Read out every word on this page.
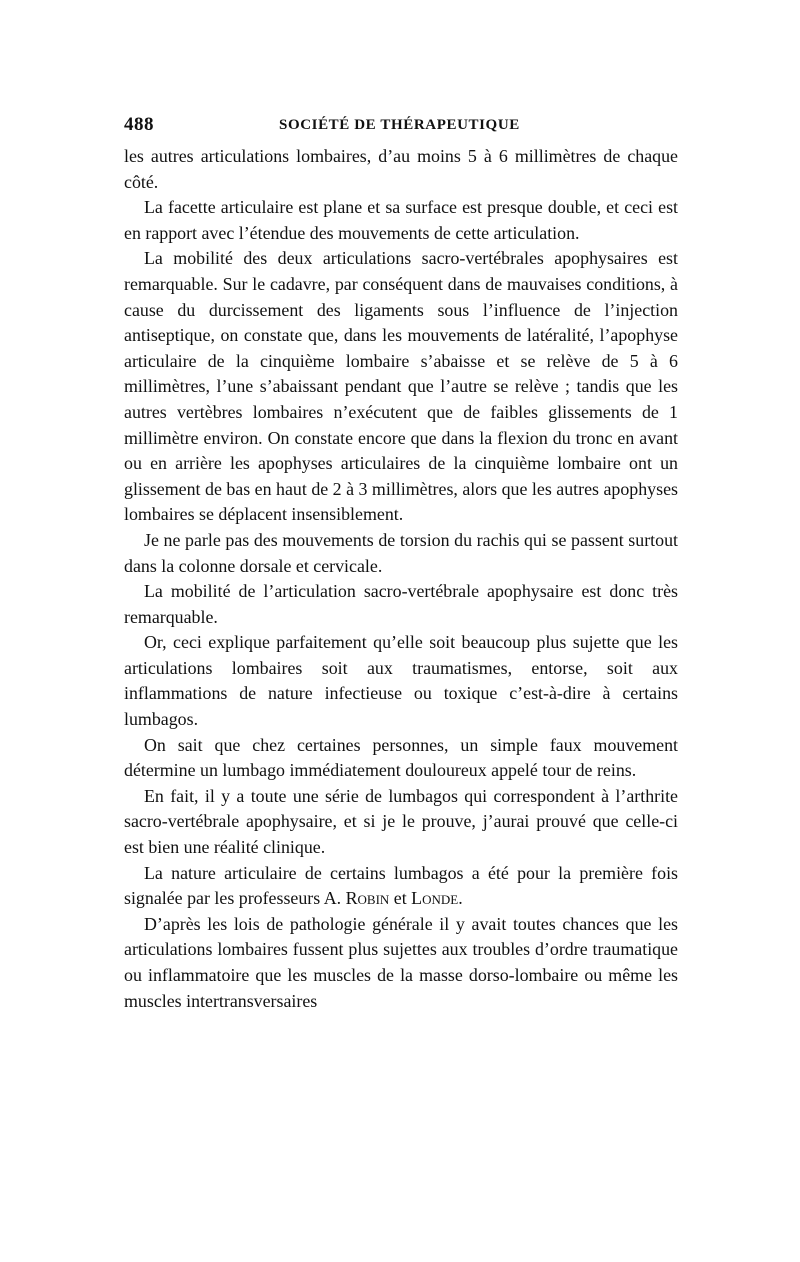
488	SOCIÉTÉ DE THÉRAPEUTIQUE

les autres articulations lombaires, d’au moins 5 à 6 millimètres de chaque côté.

La facette articulaire est plane et sa surface est presque double, et ceci est en rapport avec l’étendue des mouvements de cette articulation.

La mobilité des deux articulations sacro-vertébrales apophysaires est remarquable. Sur le cadavre, par conséquent dans de mauvaises conditions, à cause du durcissement des ligaments sous l’influence de l’injection antiseptique, on constate que, dans les mouvements de latéralité, l’apophyse articulaire de la cinquième lombaire s’abaisse et se relève de 5 à 6 millimètres, l’une s’abaissant pendant que l’autre se relève ; tandis que les autres vertèbres lombaires n’exécutent que de faibles glissements de 1 millimètre environ. On constate encore que dans la flexion du tronc en avant ou en arrière les apophyses articulaires de la cinquième lombaire ont un glissement de bas en haut de 2 à 3 millimètres, alors que les autres apophyses lombaires se déplacent insensiblement.

Je ne parle pas des mouvements de torsion du rachis qui se passent surtout dans la colonne dorsale et cervicale.

La mobilité de l’articulation sacro-vertébrale apophysaire est donc très remarquable.

Or, ceci explique parfaitement qu’elle soit beaucoup plus sujette que les articulations lombaires soit aux traumatismes, entorse, soit aux inflammations de nature infectieuse ou toxique c’est-à-dire à certains lumbagos.

On sait que chez certaines personnes, un simple faux mouvement détermine un lumbago immédiatement douloureux appelé tour de reins.

En fait, il y a toute une série de lumbagos qui correspondent à l’arthrite sacro-vertébrale apophysaire, et si je le prouve, j’aurai prouvé que celle-ci est bien une réalité clinique.

La nature articulaire de certains lumbagos a été pour la première fois signalée par les professeurs A. Robin et Londe.

D’après les lois de pathologie générale il y avait toutes chances que les articulations lombaires fussent plus sujettes aux troubles d’ordre traumatique ou inflammatoire que les muscles de la masse dorso-lombaire ou même les muscles intertransversaires
